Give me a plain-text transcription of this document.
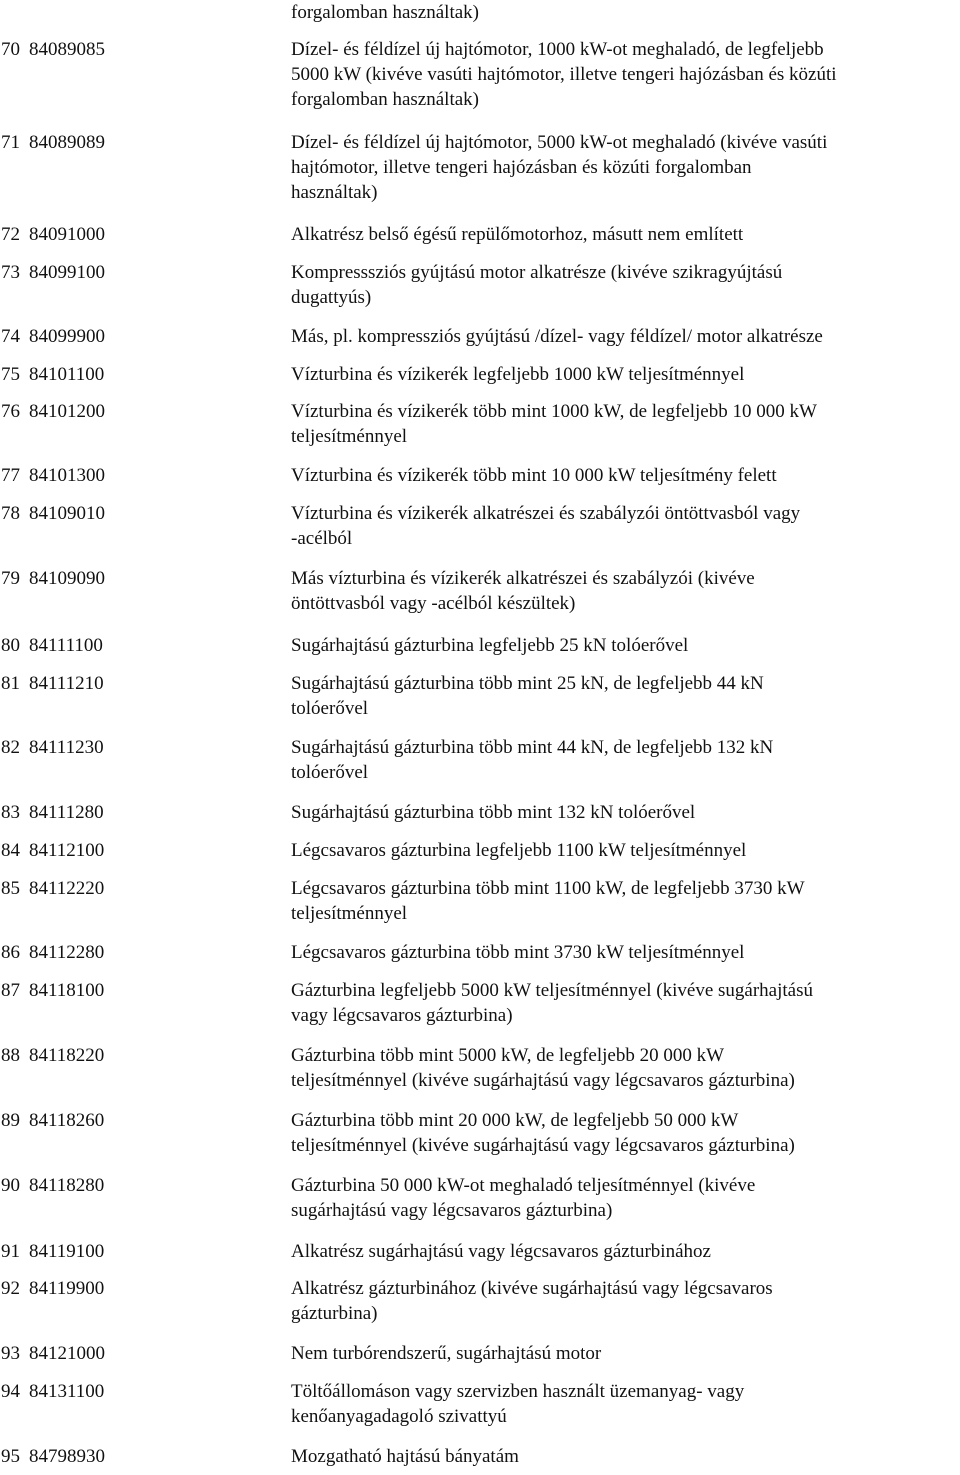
forgalomban használtak)
70 84089085	Dízel- és féldízel új hajtómotor, 1000 kW-ot meghaladó, de legfeljebb
5000 kW (kivéve vasúti hajtómotor, illetve tengeri hajózásban és közúti
forgalomban használtak)
71 84089089	Dízel- és féldízel új hajtómotor, 5000 kW-ot meghaladó (kivéve vasúti
hajtómotor, illetve tengeri hajózásban és közúti forgalomban
használtak)
72 84091000	Alkatrész belső égésű repülőmotorhoz, másutt nem említett
73 84099100	Kompresssziós gyújtású motor alkatrésze (kivéve szikragyújtású
dugattyús)
74 84099900	Más, pl. kompressziós gyújtású /dízel- vagy féldízel/ motor alkatrésze
75 84101100	Vízturbina és vízikerék legfeljebb 1000 kW teljesítménnyel
76 84101200	Vízturbina és vízikerék több mint 1000 kW, de legfeljebb 10 000 kW
teljesítménnyel
77 84101300	Vízturbina és vízikerék több mint 10 000 kW teljesítmény felett
78 84109010	Vízturbina és vízikerék alkatrészei és szabályzói öntöttvasból vagy
-acélból
79 84109090	Más vízturbina és vízikerék alkatrészei és szabályzói (kivéve
öntöttvasból vagy -acélból készültek)
80 84111100	Sugárhajtású gázturbina legfeljebb 25 kN tolóerővel
81 84111210	Sugárhajtású gázturbina több mint 25 kN, de legfeljebb 44 kN
tolóerővel
82 84111230	Sugárhajtású gázturbina több mint 44 kN, de legfeljebb 132 kN
tolóerővel
83 84111280	Sugárhajtású gázturbina több mint 132 kN tolóerővel
84 84112100	Légcsavaros gázturbina legfeljebb 1100 kW teljesítménnyel
85 84112220	Légcsavaros gázturbina több mint 1100 kW, de legfeljebb 3730 kW
teljesítménnyel
86 84112280	Légcsavaros gázturbina több mint 3730 kW teljesítménnyel
87 84118100	Gázturbina legfeljebb 5000 kW teljesítménnyel (kivéve sugárhajtású
vagy légcsavaros gázturbina)
88 84118220	Gázturbina több mint 5000 kW, de legfeljebb 20 000 kW
teljesítménnyel (kivéve sugárhajtású vagy légcsavaros gázturbina)
89 84118260	Gázturbina több mint 20 000 kW, de legfeljebb 50 000 kW
teljesítménnyel (kivéve sugárhajtású vagy légcsavaros gázturbina)
90 84118280	Gázturbina 50 000 kW-ot meghaladó teljesítménnyel (kivéve
sugárhajtású vagy légcsavaros gázturbina)
91 84119100	Alkatrész sugárhajtású vagy légcsavaros gázturbinához
92 84119900	Alkatrész gázturbinához (kivéve sugárhajtású vagy légcsavaros
gázturbina)
93 84121000	Nem turbórendszerű, sugárhajtású motor
94 84131100	Töltőállomáson vagy szervizben használt üzemanyag- vagy
kenőanyagadagoló szivattyú
95 84798930	Mozgatható hajtású bányatám
